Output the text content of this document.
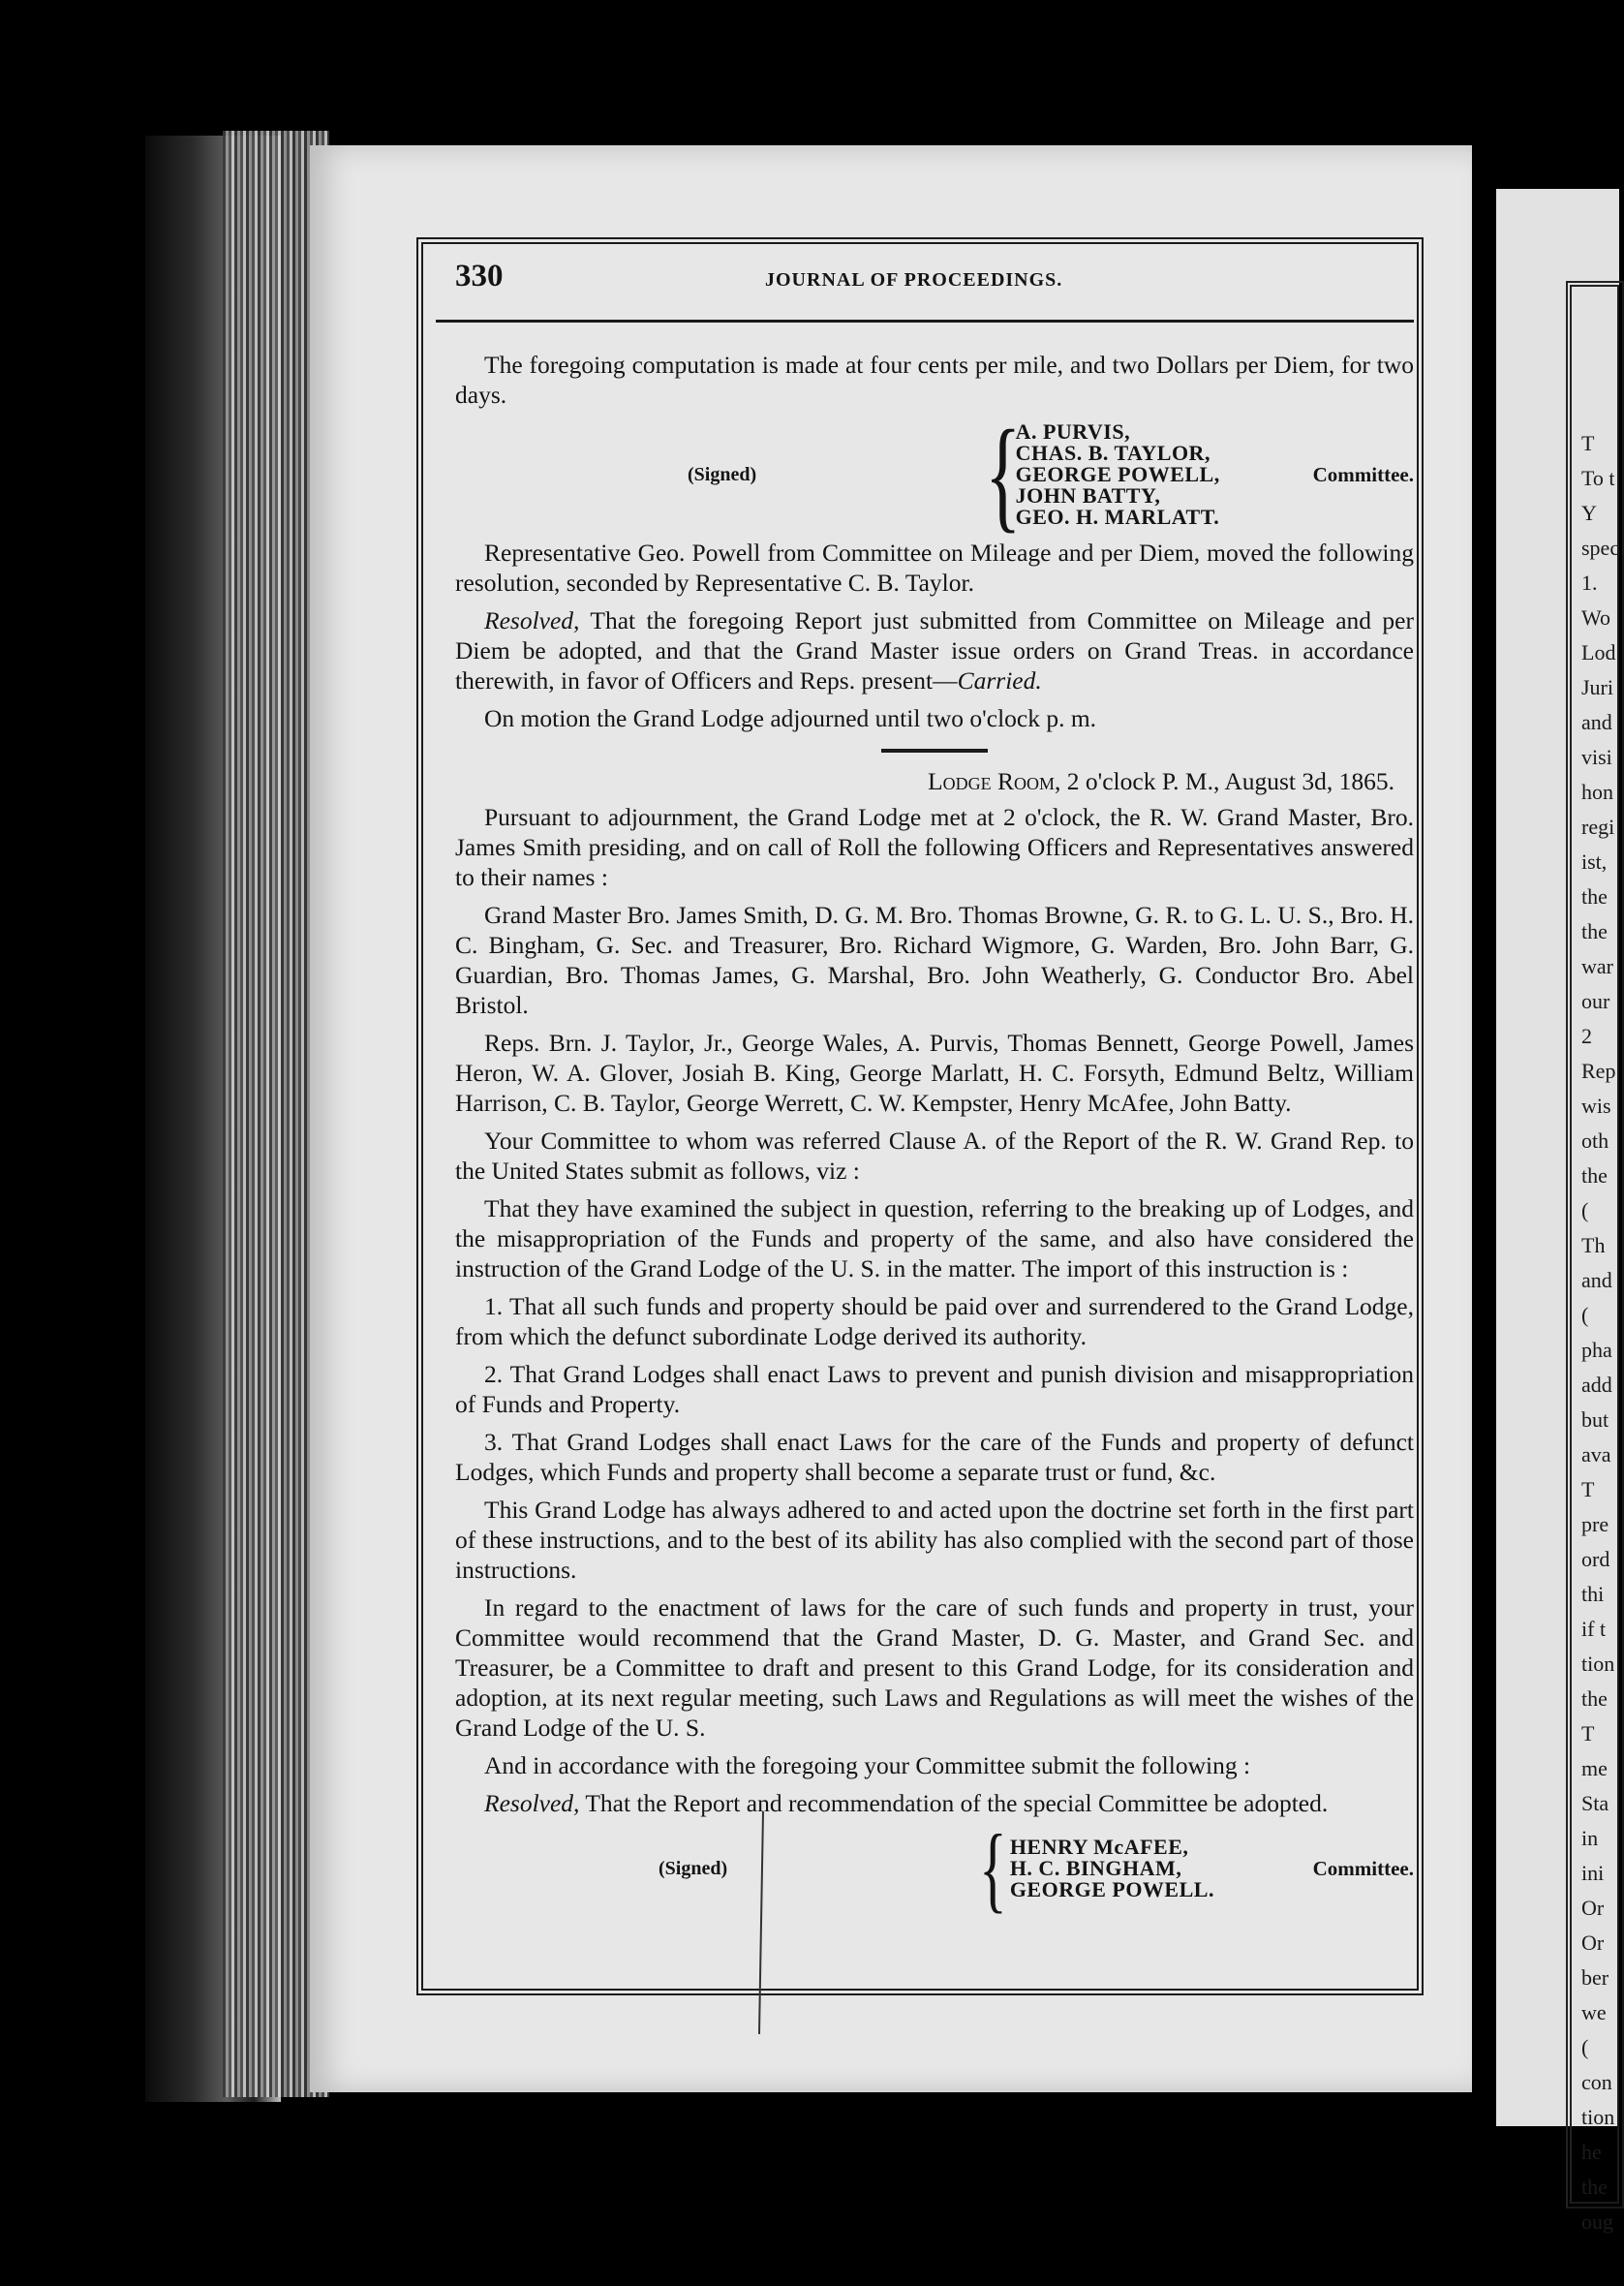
T
To t
Y
spec
1.
Wo
Lod
Juri
and
visi
hon
regi
ist,
the
the
war
our
2
Rep
wis
oth
the
(
Th
and
(
pha
add
but
ava
T
pre
ord
thi
if t
tion
the
T
me
Sta
in
ini
Or
Or
ber
we
(
con
tion
he
the
oug
330	JOURNAL OF PROCEEDINGS.

The foregoing computation is made at four cents per mile, and two Dollars per Diem, for two days.

(Signed)	{
A. PURVIS,
CHAS. B. TAYLOR,
GEORGE POWELL,
JOHN BATTY,
GEO. H. MARLATT.
Committee.

Representative Geo. Powell from Committee on Mileage and per Diem, moved the following resolution, seconded by Representative C. B. Taylor.

Resolved, That the foregoing Report just submitted from Committee on Mileage and per Diem be adopted, and that the Grand Master issue orders on Grand Treas. in accordance therewith, in favor of Officers and Reps. present—Carried.

On motion the Grand Lodge adjourned until two o'clock p. m.

Lodge Room, 2 o'clock P. M., August 3d, 1865.

Pursuant to adjournment, the Grand Lodge met at 2 o'clock, the R. W. Grand Master, Bro. James Smith presiding, and on call of Roll the following Officers and Representatives answered to their names :

Grand Master Bro. James Smith, D. G. M. Bro. Thomas Browne, G. R. to G. L. U. S., Bro. H. C. Bingham, G. Sec. and Treasurer, Bro. Richard Wigmore, G. Warden, Bro. John Barr, G. Guardian, Bro. Thomas James, G. Marshal, Bro. John Weatherly, G. Conductor Bro. Abel Bristol.

Reps. Brn. J. Taylor, Jr., George Wales, A. Purvis, Thomas Bennett, George Powell, James Heron, W. A. Glover, Josiah B. King, George Marlatt, H. C. Forsyth, Edmund Beltz, William Harrison, C. B. Taylor, George Werrett, C. W. Kempster, Henry McAfee, John Batty.

Your Committee to whom was referred Clause A. of the Report of the R. W. Grand Rep. to the United States submit as follows, viz :

That they have examined the subject in question, referring to the breaking up of Lodges, and the misappropriation of the Funds and property of the same, and also have considered the instruction of the Grand Lodge of the U. S. in the matter. The import of this instruction is :

1. That all such funds and property should be paid over and surrendered to the Grand Lodge, from which the defunct subordinate Lodge derived its authority.

2. That Grand Lodges shall enact Laws to prevent and punish division and misappropriation of Funds and Property.

3. That Grand Lodges shall enact Laws for the care of the Funds and property of defunct Lodges, which Funds and property shall become a separate trust or fund, &c.

This Grand Lodge has always adhered to and acted upon the doctrine set forth in the first part of these instructions, and to the best of its ability has also complied with the second part of those instructions.

In regard to the enactment of laws for the care of such funds and property in trust, your Committee would recommend that the Grand Master, D. G. Master, and Grand Sec. and Treasurer, be a Committee to draft and present to this Grand Lodge, for its consideration and adoption, at its next regular meeting, such Laws and Regulations as will meet the wishes of the Grand Lodge of the U. S.

And in accordance with the foregoing your Committee submit the following :

Resolved, That the Report and recommendation of the special Committee be adopted.

(Signed)	{ HENRY McAFEE,
H. C. BINGHAM,
GEORGE POWELL.
Committee.
